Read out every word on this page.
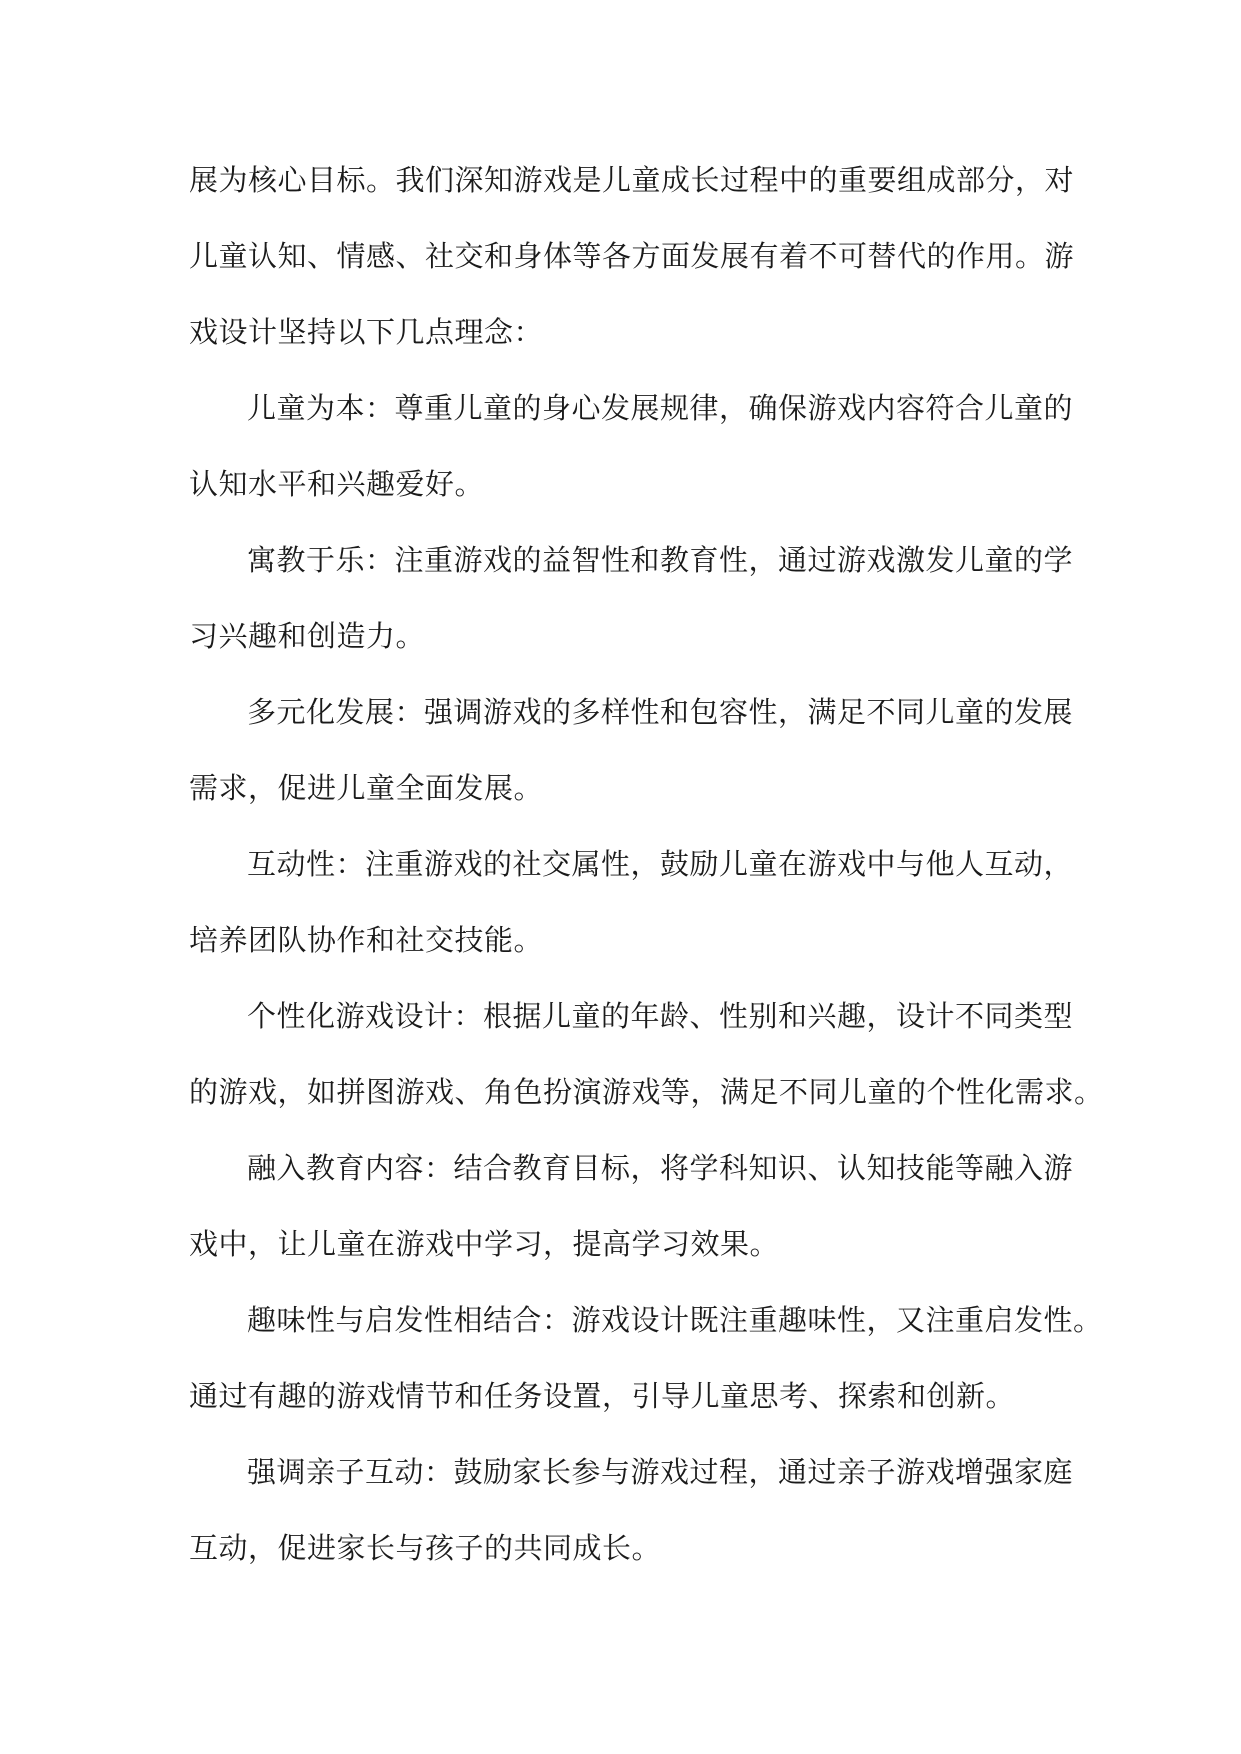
展为核心目标。我们深知游戏是儿童成长过程中的重要组成部分，对
儿童认知、情感、社交和身体等各方面发展有着不可替代的作用。游
戏设计坚持以下几点理念：
儿童为本：尊重儿童的身心发展规律，确保游戏内容符合儿童的
认知水平和兴趣爱好。
寓教于乐：注重游戏的益智性和教育性，通过游戏激发儿童的学
习兴趣和创造力。
多元化发展：强调游戏的多样性和包容性，满足不同儿童的发展
需求，促进儿童全面发展。
互动性：注重游戏的社交属性，鼓励儿童在游戏中与他人互动，
培养团队协作和社交技能。
个性化游戏设计：根据儿童的年龄、性别和兴趣，设计不同类型
的游戏，如拼图游戏、角色扮演游戏等，满足不同儿童的个性化需求。
融入教育内容：结合教育目标，将学科知识、认知技能等融入游
戏中，让儿童在游戏中学习，提高学习效果。
趣味性与启发性相结合：游戏设计既注重趣味性，又注重启发性。
通过有趣的游戏情节和任务设置，引导儿童思考、探索和创新。
强调亲子互动：鼓励家长参与游戏过程，通过亲子游戏增强家庭
互动，促进家长与孩子的共同成长。
